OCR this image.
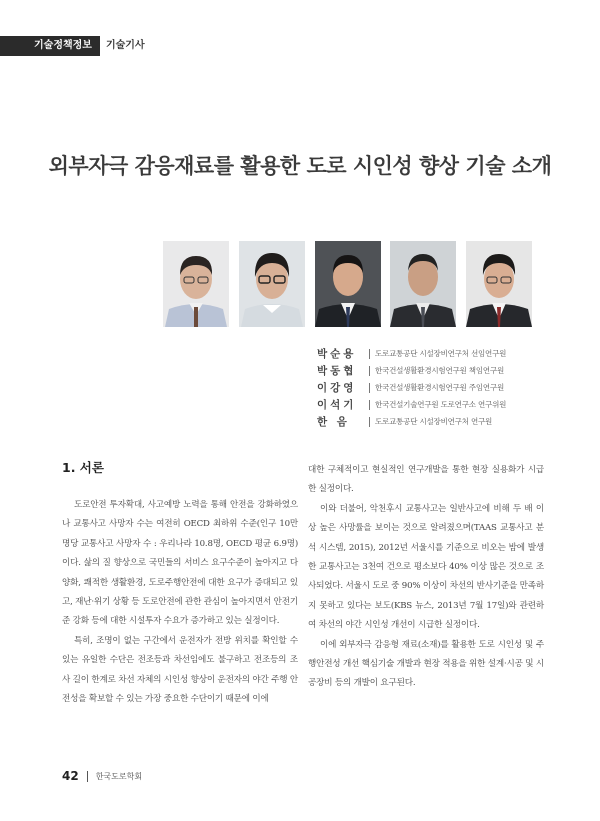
기술정책정보	기술기사
외부자극 감응재료를 활용한 도로 시인성 향상 기술 소개
박순용	도로교통공단 시설장비연구처 선임연구원
박동협	한국건설생활환경시험연구원 책임연구원
이강영	한국건설생활환경시험연구원 주임연구원
이석기	한국건설기술연구원 도로연구소 연구위원
한 음	도로교통공단 시설장비연구처 연구원
1. 서론

도로안전 투자확대, 사고예방 노력을 통해 안전을 강화하였으나 교통사고 사망자 수는 여전히 OECD 최하위 수준(인구 10만명당 교통사고 사망자 수 : 우리나라 10.8명, OECD 평균 6.9명)이다. 삶의 질 향상으로 국민들의 서비스 요구수준이 높아지고 다양화, 쾌적한 생활환경, 도로주행안전에 대한 요구가 증대되고 있고, 재난·위기 상황 등 도로안전에 관한 관심이 높아지면서 안전기준 강화 등에 대한 시설투자 수요가 증가하고 있는 실정이다.

특히, 조명이 없는 구간에서 운전자가 전방 위치를 확인할 수 있는 유일한 수단은 전조등과 차선임에도 불구하고 전조등의 조사 길이 한계로 차선 자체의 시인성 향상이 운전자의 야간 주행 안전성을 확보할 수 있는 가장 중요한 수단이기 때문에 이에

대한 구체적이고 현실적인 연구개발을 통한 현장 실용화가 시급한 실정이다.

이와 더불어, 악천후시 교통사고는 일반사고에 비해 두 배 이상 높은 사망률을 보이는 것으로 알려졌으며(TAAS 교통사고 분석 시스템, 2015), 2012년 서울시를 기준으로 비오는 밤에 발생한 교통사고는 3천여 건으로 평소보다 40% 이상 많은 것으로 조사되었다. 서울시 도로 중 90% 이상이 차선의 반사기준을 만족하지 못하고 있다는 보도(KBS 뉴스, 2013년 7월 17일)와 관련하여 차선의 야간 시인성 개선이 시급한 실정이다.

이에 외부자극 감응형 재료(소재)를 활용한 도로 시인성 및 주행안전성 개선 핵심기술 개발과 현장 적용을 위한 설계·시공 및 시공장비 등의 개발이 요구된다.

42 한국도로학회
